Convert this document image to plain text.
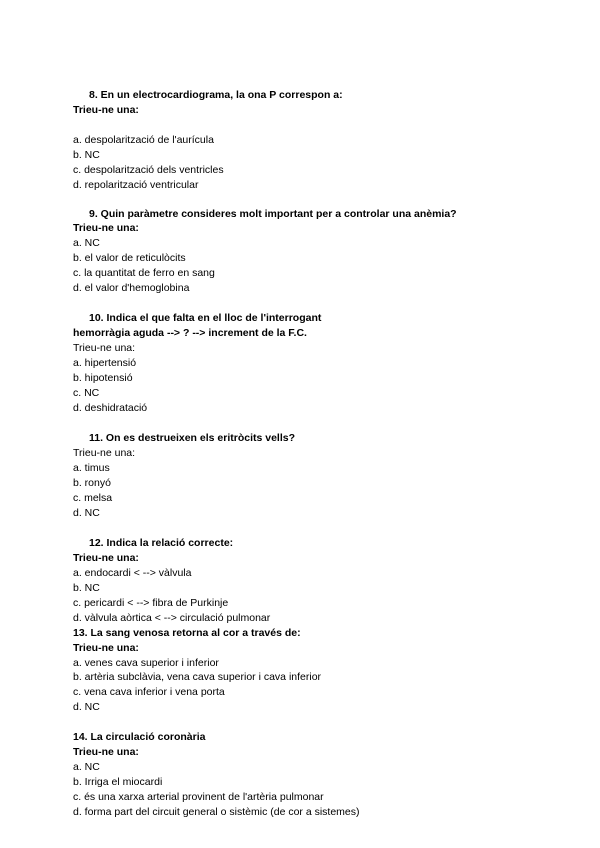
8. En un electrocardiograma, la ona P correspon a:
Trieu-ne una:
a. despolarització de l'aurícula
b. NC
c. despolarització dels ventricles
d. repolarització ventricular
9. Quin paràmetre consideres molt important per a controlar una anèmia?
Trieu-ne una:
a. NC
b. el valor de reticulòcits
c. la quantitat de ferro en sang
d. el valor d'hemoglobina
10. Indica el que falta en el lloc de l'interrogant
hemorràgia aguda --> ? --> increment de la F.C.
Trieu-ne una:
a. hipertensió
b. hipotensió
c. NC
d. deshidratació
11. On es destrueixen els eritròcits vells?
Trieu-ne una:
a. timus
b. ronyó
c. melsa
d. NC
12. Indica la relació correcte:
Trieu-ne una:
a. endocardi < --> vàlvula
b. NC
c. pericardi < --> fibra de Purkinje
d. vàlvula aòrtica < --> circulació pulmonar
13. La sang venosa retorna al cor a través de:
Trieu-ne una:
a. venes cava superior i inferior
b. artèria subclàvia, vena cava superior i cava inferior
c. vena cava inferior i vena porta
d. NC
14. La circulació coronària
Trieu-ne una:
a. NC
b. Irriga el miocardi
c. és una xarxa arterial provinent de l'artèria pulmonar
d. forma part del circuit general o sistèmic (de cor a sistemes)
